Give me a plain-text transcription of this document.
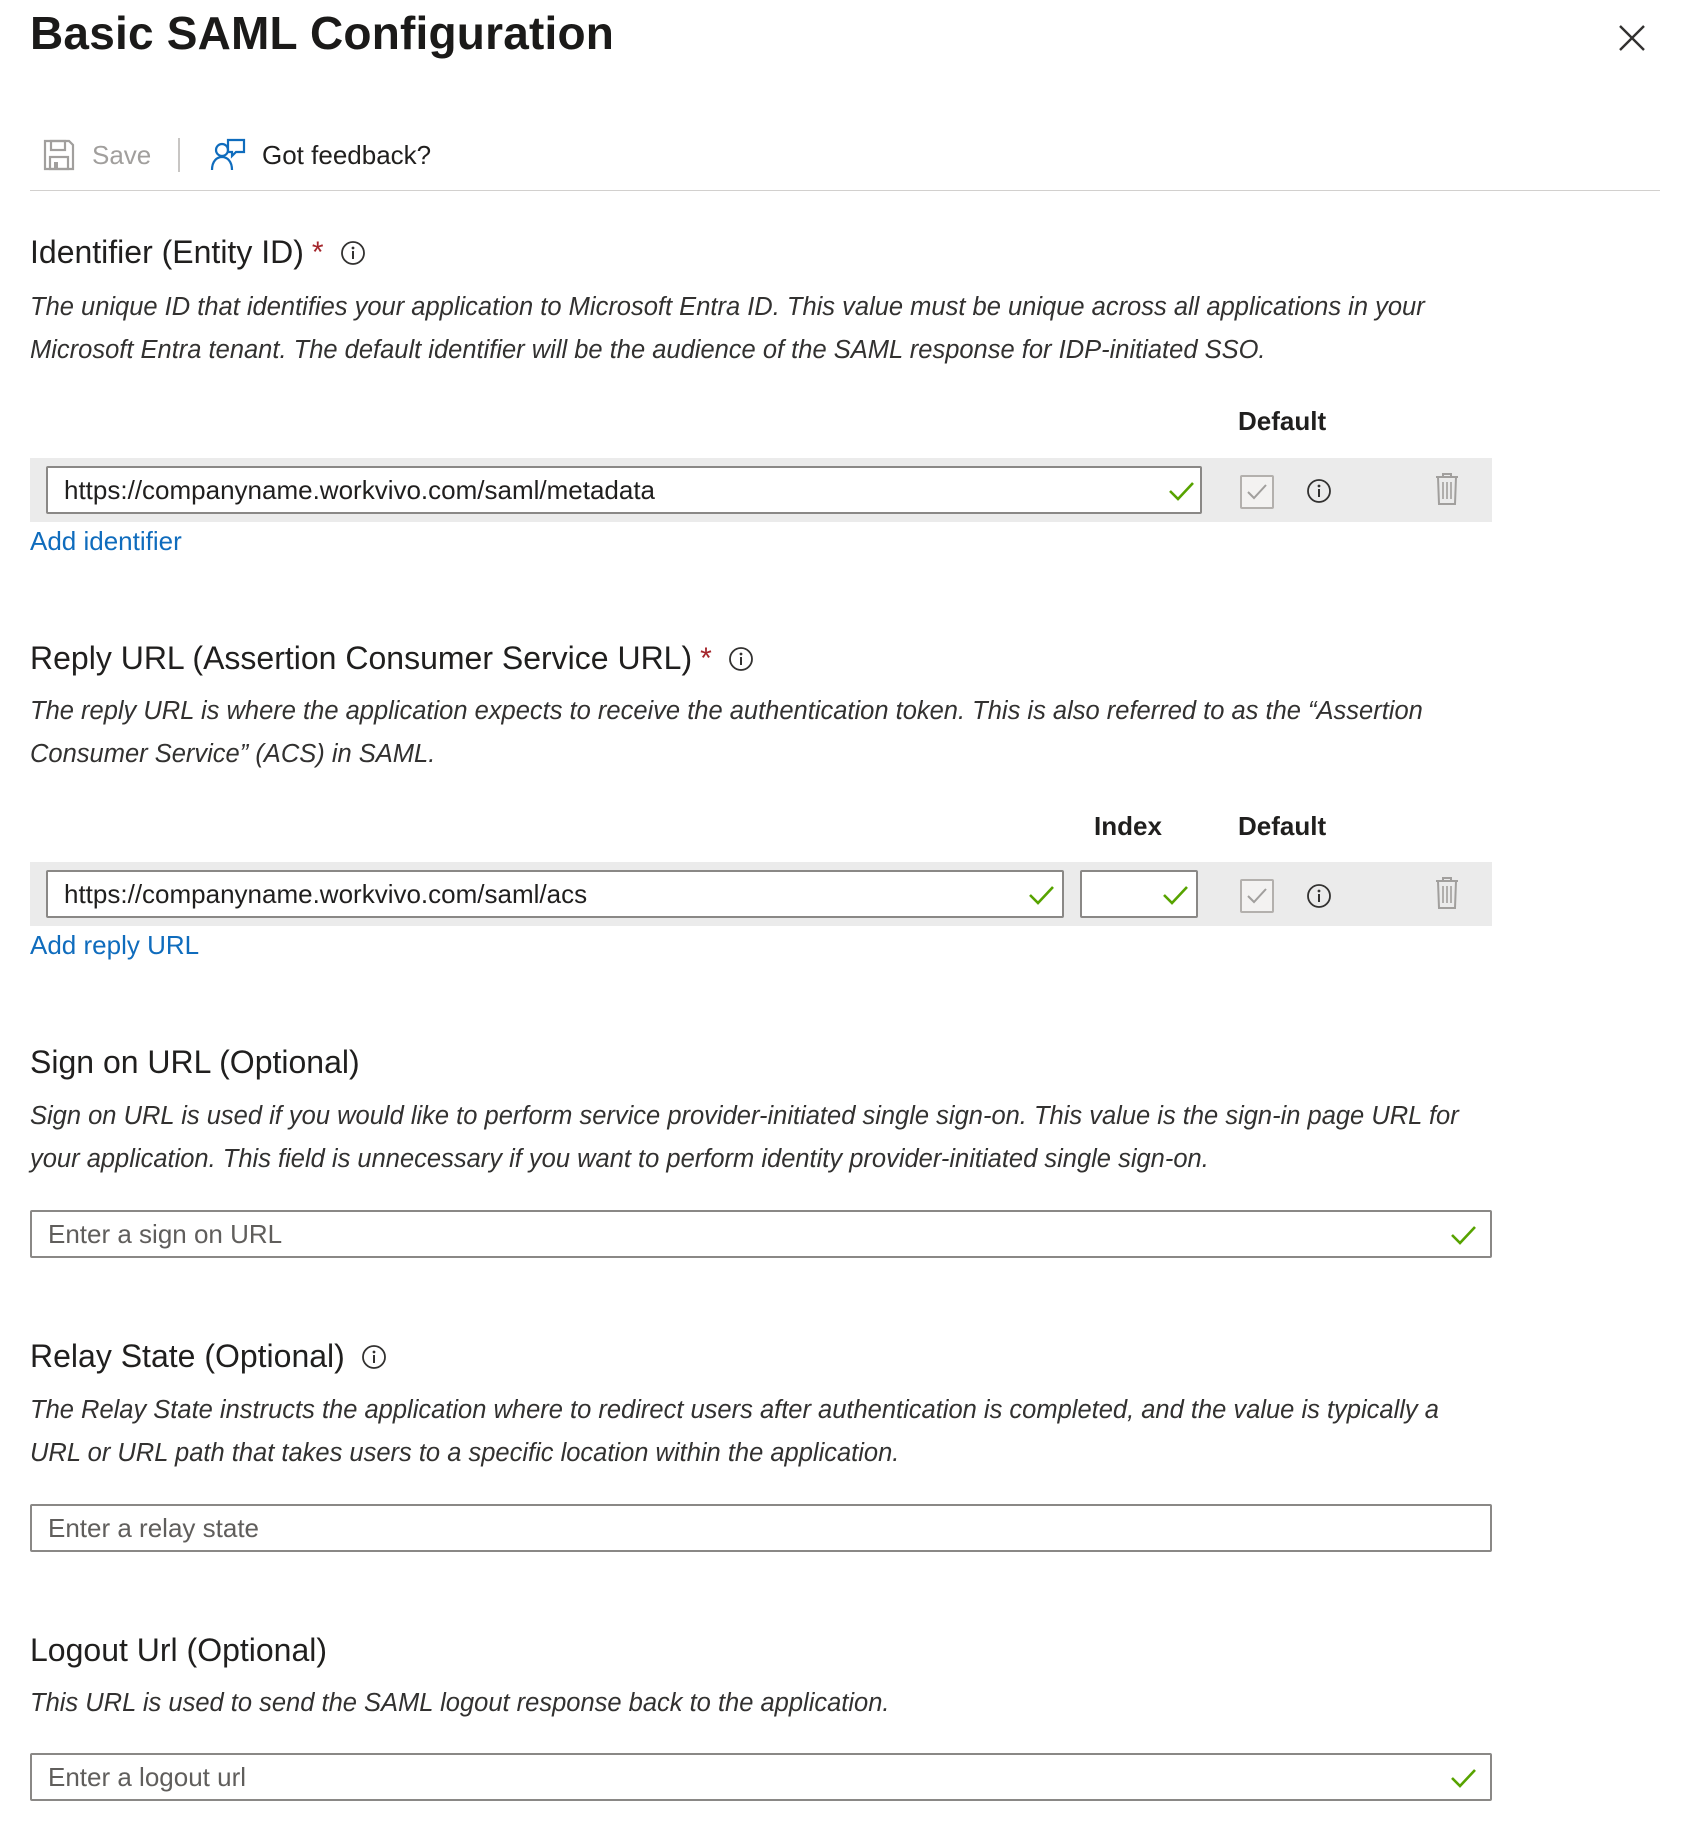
Basic SAML Configuration
Save	Got feedback?
Identifier (Entity ID) *
The unique ID that identifies your application to Microsoft Entra ID. This value must be unique across all applications in your Microsoft Entra tenant. The default identifier will be the audience of the SAML response for IDP-initiated SSO.
Default
https://companyname.workvivo.com/saml/metadata
Add identifier
Reply URL (Assertion Consumer Service URL) *
The reply URL is where the application expects to receive the authentication token. This is also referred to as the “Assertion Consumer Service” (ACS) in SAML.
Index	Default
https://companyname.workvivo.com/saml/acs
Add reply URL
Sign on URL (Optional)
Sign on URL is used if you would like to perform service provider-initiated single sign-on. This value is the sign-in page URL for your application. This field is unnecessary if you want to perform identity provider-initiated single sign-on.
Enter a sign on URL
Relay State (Optional)
The Relay State instructs the application where to redirect users after authentication is completed, and the value is typically a URL or URL path that takes users to a specific location within the application.
Enter a relay state
Logout Url (Optional)
This URL is used to send the SAML logout response back to the application.
Enter a logout url
